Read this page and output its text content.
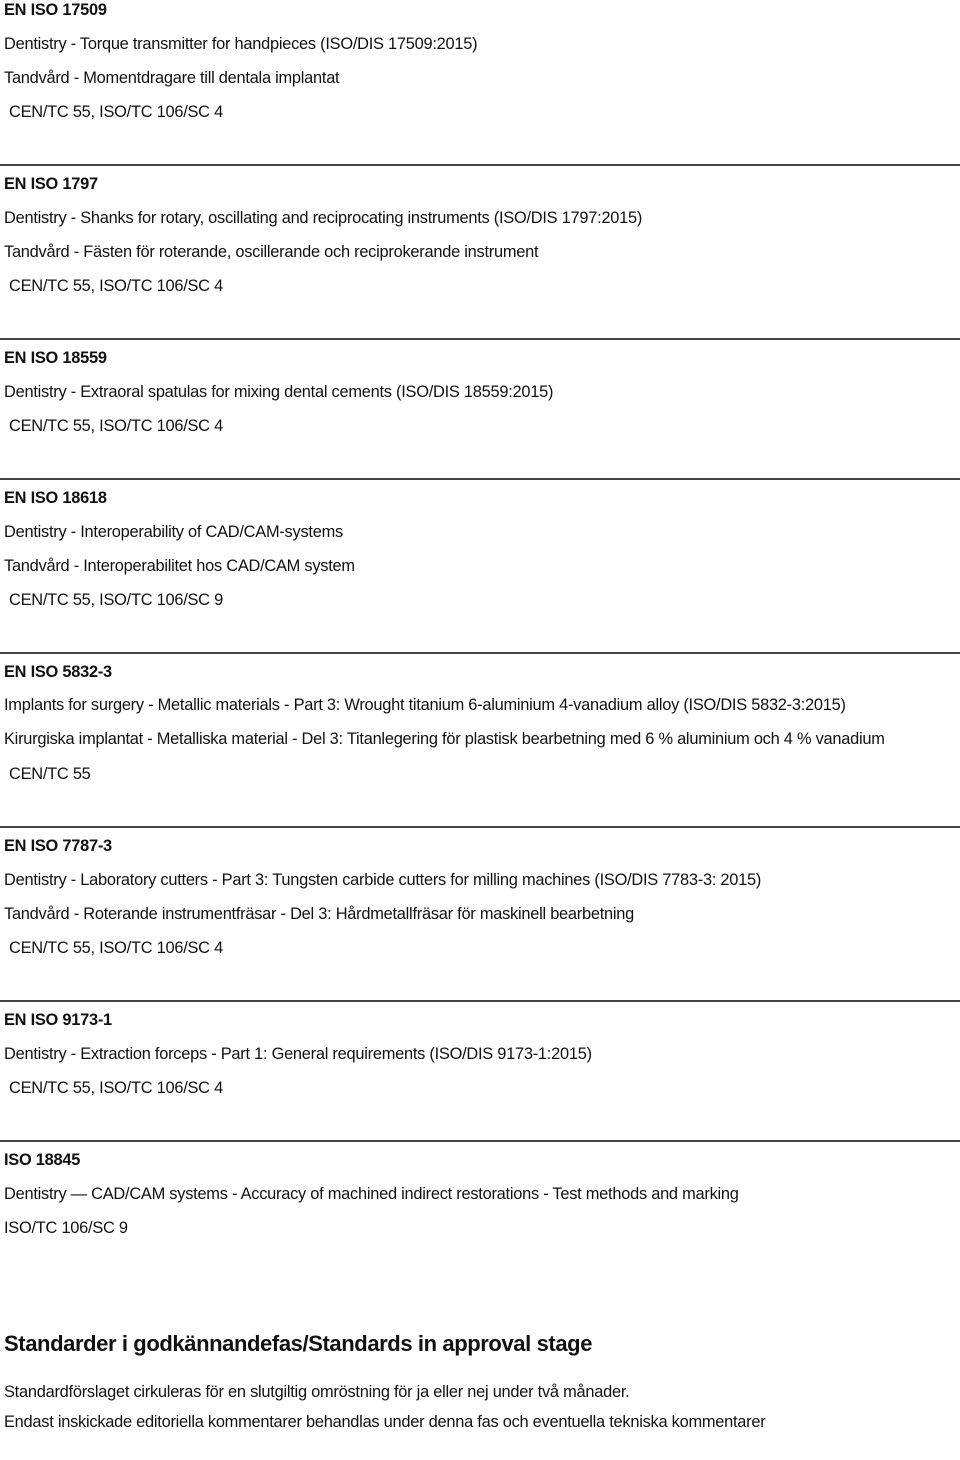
EN ISO 17509
Dentistry - Torque transmitter for handpieces (ISO/DIS 17509:2015)
Tandvård - Momentdragare till dentala implantat
CEN/TC 55, ISO/TC 106/SC 4
EN ISO 1797
Dentistry - Shanks for rotary, oscillating and reciprocating instruments (ISO/DIS 1797:2015)
Tandvård - Fästen för roterande, oscillerande och reciprokerande instrument
CEN/TC 55, ISO/TC 106/SC 4
EN ISO 18559
Dentistry - Extraoral spatulas for mixing dental cements (ISO/DIS 18559:2015)
CEN/TC 55, ISO/TC 106/SC 4
EN ISO 18618
Dentistry - Interoperability of CAD/CAM-systems
Tandvård - Interoperabilitet hos CAD/CAM system
CEN/TC 55, ISO/TC 106/SC 9
EN ISO 5832-3
Implants for surgery - Metallic materials - Part 3: Wrought titanium 6-aluminium 4-vanadium alloy (ISO/DIS 5832-3:2015)
Kirurgiska implantat - Metalliska material - Del 3: Titanlegering för plastisk bearbetning med 6 % aluminium och 4 % vanadium
CEN/TC 55
EN ISO 7787-3
Dentistry - Laboratory cutters - Part 3: Tungsten carbide cutters for milling machines (ISO/DIS 7783-3: 2015)
Tandvård - Roterande instrumentfräsar - Del 3: Hårdmetallfräsar för maskinell bearbetning
CEN/TC 55, ISO/TC 106/SC 4
EN ISO 9173-1
Dentistry - Extraction forceps - Part 1: General requirements (ISO/DIS 9173-1:2015)
CEN/TC 55, ISO/TC 106/SC 4
ISO 18845
Dentistry — CAD/CAM systems - Accuracy of machined indirect restorations - Test methods and marking
ISO/TC 106/SC 9
Standarder i godkännandefas/Standards in approval stage
Standardförslaget cirkuleras för en slutgiltig omröstning för ja eller nej under två månader.
Endast inskickade editoriella kommentarer behandlas under denna fas och eventuella tekniska kommentarer
